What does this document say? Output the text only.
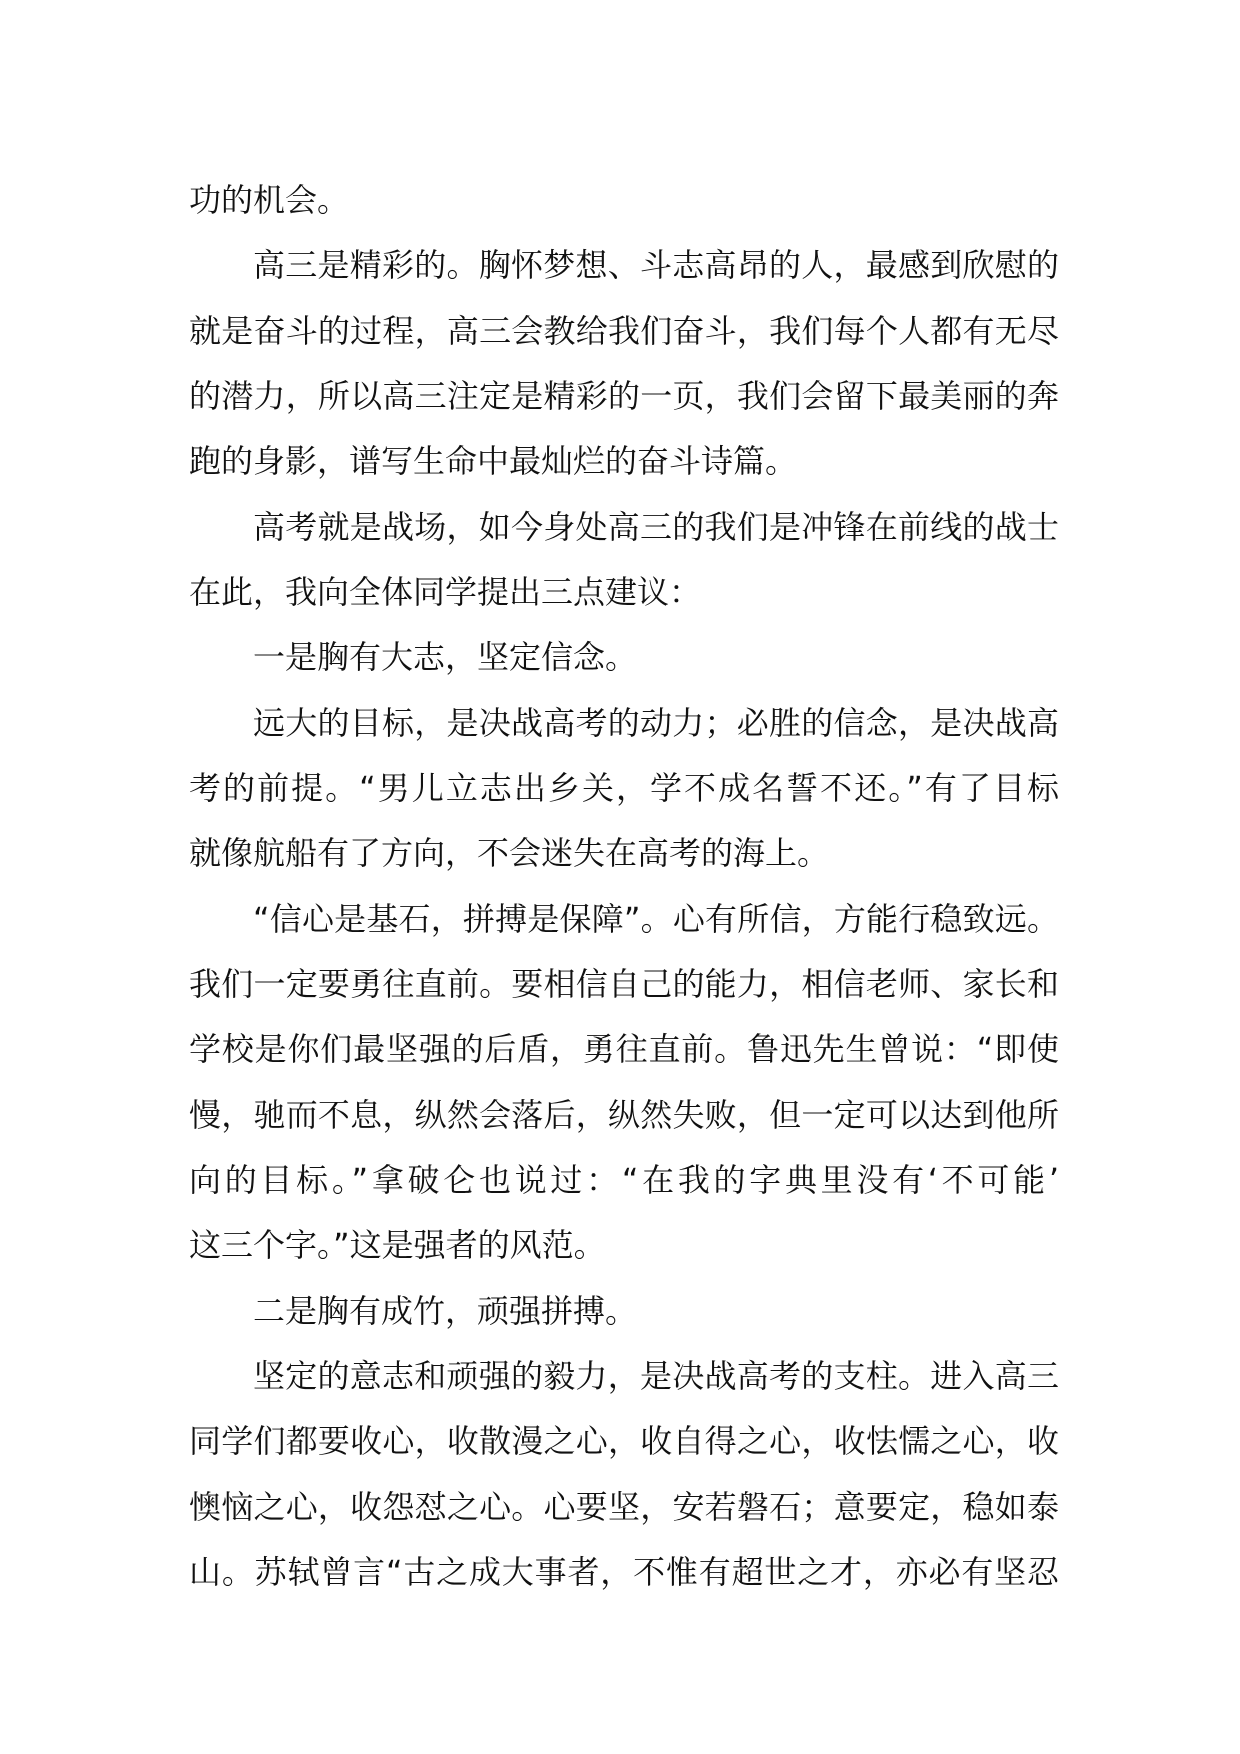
功的机会。
高三是精彩的。胸怀梦想、斗志高昂的人，最感到欣慰的
就是奋斗的过程，高三会教给我们奋斗，我们每个人都有无尽
的潜力，所以高三注定是精彩的一页，我们会留下最美丽的奔
跑的身影，谱写生命中最灿烂的奋斗诗篇。
高考就是战场，如今身处高三的我们是冲锋在前线的战士
在此，我向全体同学提出三点建议：
一是胸有大志，坚定信念。
远大的目标，是决战高考的动力；必胜的信念，是决战高
考的前提。“男儿立志出乡关，学不成名誓不还。”有了目标
就像航船有了方向，不会迷失在高考的海上。
“信心是基石，拼搏是保障”。心有所信，方能行稳致远。
我们一定要勇往直前。要相信自己的能力，相信老师、家长和
学校是你们最坚强的后盾，勇往直前。鲁迅先生曾说：“即使
慢，驰而不息，纵然会落后，纵然失败，但一定可以达到他所
向的目标。”拿破仑也说过：“在我的字典里没有‘不可能’
这三个字。”这是强者的风范。
二是胸有成竹，顽强拼搏。
坚定的意志和顽强的毅力，是决战高考的支柱。进入高三
同学们都要收心，收散漫之心，收自得之心，收怯懦之心，收
懊恼之心，收怨怼之心。心要坚，安若磐石；意要定，稳如泰
山。苏轼曾言“古之成大事者，不惟有超世之才，亦必有坚忍
